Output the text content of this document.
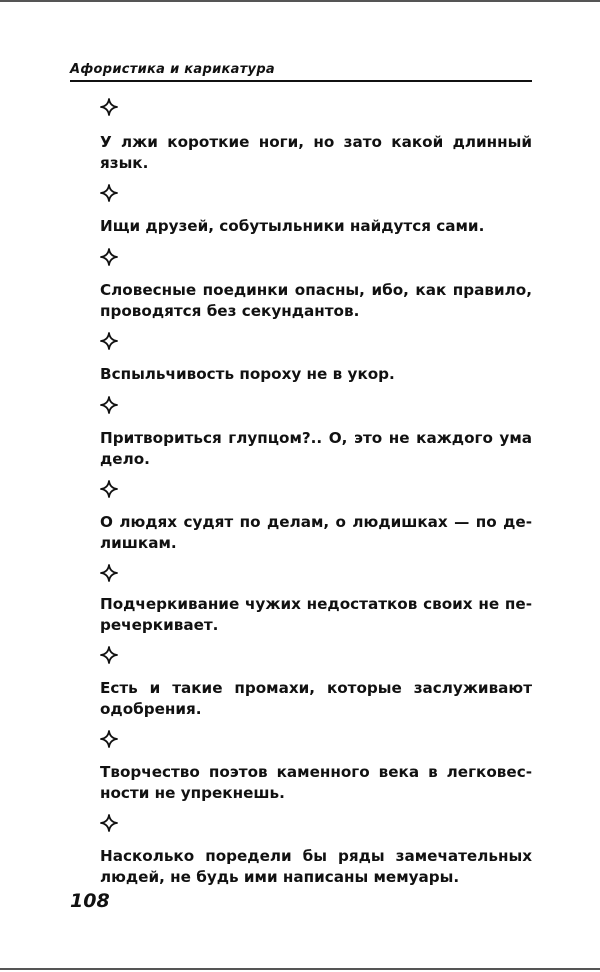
Афористика и карикатура

У лжи короткие ноги, но зато какой длинный
язык.

Ищи друзей, собутыльники найдутся сами.

Словесные поединки опасны, ибо, как правило,
проводятся без секундантов.

Вспыльчивость пороху не в укор.

Притвориться глупцом?.. О, это не каждого ума
дело.

О людях судят по делам, о людишках — по де-
лишкам.

Подчеркивание чужих недостатков своих не пе-
речеркивает.

Есть и такие промахи, которые заслуживают
одобрения.

Творчество поэтов каменного века в легковес-
ности не упрекнешь.

Насколько поредели бы ряды замечательных
людей, не будь ими написаны мемуары.

108
